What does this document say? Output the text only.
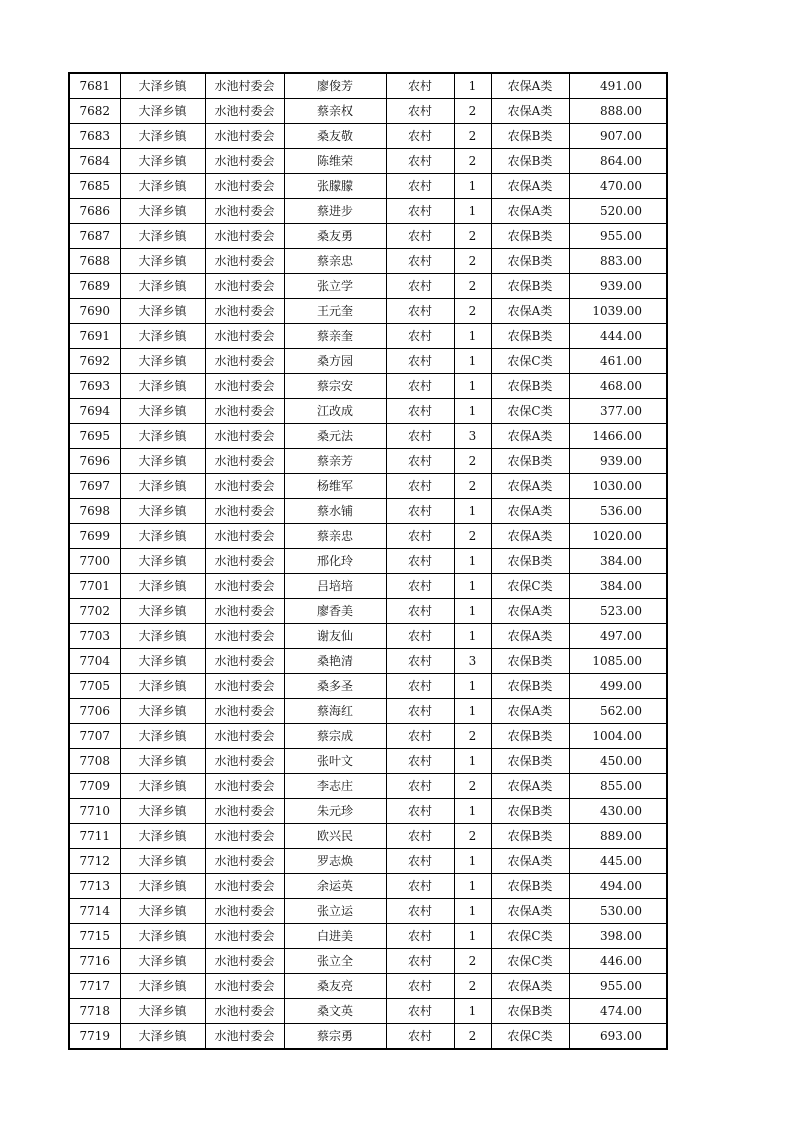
7681	大泽乡镇	水池村委会	廖俊芳	农村	1	农保A类	491.00
7682	大泽乡镇	水池村委会	蔡亲权	农村	2	农保A类	888.00
7683	大泽乡镇	水池村委会	桑友敬	农村	2	农保B类	907.00
7684	大泽乡镇	水池村委会	陈维荣	农村	2	农保B类	864.00
7685	大泽乡镇	水池村委会	张朦朦	农村	1	农保A类	470.00
7686	大泽乡镇	水池村委会	蔡进步	农村	1	农保A类	520.00
7687	大泽乡镇	水池村委会	桑友勇	农村	2	农保B类	955.00
7688	大泽乡镇	水池村委会	蔡亲忠	农村	2	农保B类	883.00
7689	大泽乡镇	水池村委会	张立学	农村	2	农保B类	939.00
7690	大泽乡镇	水池村委会	王元奎	农村	2	农保A类	1039.00
7691	大泽乡镇	水池村委会	蔡亲奎	农村	1	农保B类	444.00
7692	大泽乡镇	水池村委会	桑方园	农村	1	农保C类	461.00
7693	大泽乡镇	水池村委会	蔡宗安	农村	1	农保B类	468.00
7694	大泽乡镇	水池村委会	江改成	农村	1	农保C类	377.00
7695	大泽乡镇	水池村委会	桑元法	农村	3	农保A类	1466.00
7696	大泽乡镇	水池村委会	蔡亲芳	农村	2	农保B类	939.00
7697	大泽乡镇	水池村委会	杨维军	农村	2	农保A类	1030.00
7698	大泽乡镇	水池村委会	蔡水铺	农村	1	农保A类	536.00
7699	大泽乡镇	水池村委会	蔡亲忠	农村	2	农保A类	1020.00
7700	大泽乡镇	水池村委会	邢化玲	农村	1	农保B类	384.00
7701	大泽乡镇	水池村委会	吕培培	农村	1	农保C类	384.00
7702	大泽乡镇	水池村委会	廖香美	农村	1	农保A类	523.00
7703	大泽乡镇	水池村委会	谢友仙	农村	1	农保A类	497.00
7704	大泽乡镇	水池村委会	桑艳清	农村	3	农保B类	1085.00
7705	大泽乡镇	水池村委会	桑多圣	农村	1	农保B类	499.00
7706	大泽乡镇	水池村委会	蔡海红	农村	1	农保A类	562.00
7707	大泽乡镇	水池村委会	蔡宗成	农村	2	农保B类	1004.00
7708	大泽乡镇	水池村委会	张叶文	农村	1	农保B类	450.00
7709	大泽乡镇	水池村委会	李志庄	农村	2	农保A类	855.00
7710	大泽乡镇	水池村委会	朱元珍	农村	1	农保B类	430.00
7711	大泽乡镇	水池村委会	欧兴民	农村	2	农保B类	889.00
7712	大泽乡镇	水池村委会	罗志焕	农村	1	农保A类	445.00
7713	大泽乡镇	水池村委会	余运英	农村	1	农保B类	494.00
7714	大泽乡镇	水池村委会	张立运	农村	1	农保A类	530.00
7715	大泽乡镇	水池村委会	白进美	农村	1	农保C类	398.00
7716	大泽乡镇	水池村委会	张立全	农村	2	农保C类	446.00
7717	大泽乡镇	水池村委会	桑友亮	农村	2	农保A类	955.00
7718	大泽乡镇	水池村委会	桑文英	农村	1	农保B类	474.00
7719	大泽乡镇	水池村委会	蔡宗勇	农村	2	农保C类	693.00
